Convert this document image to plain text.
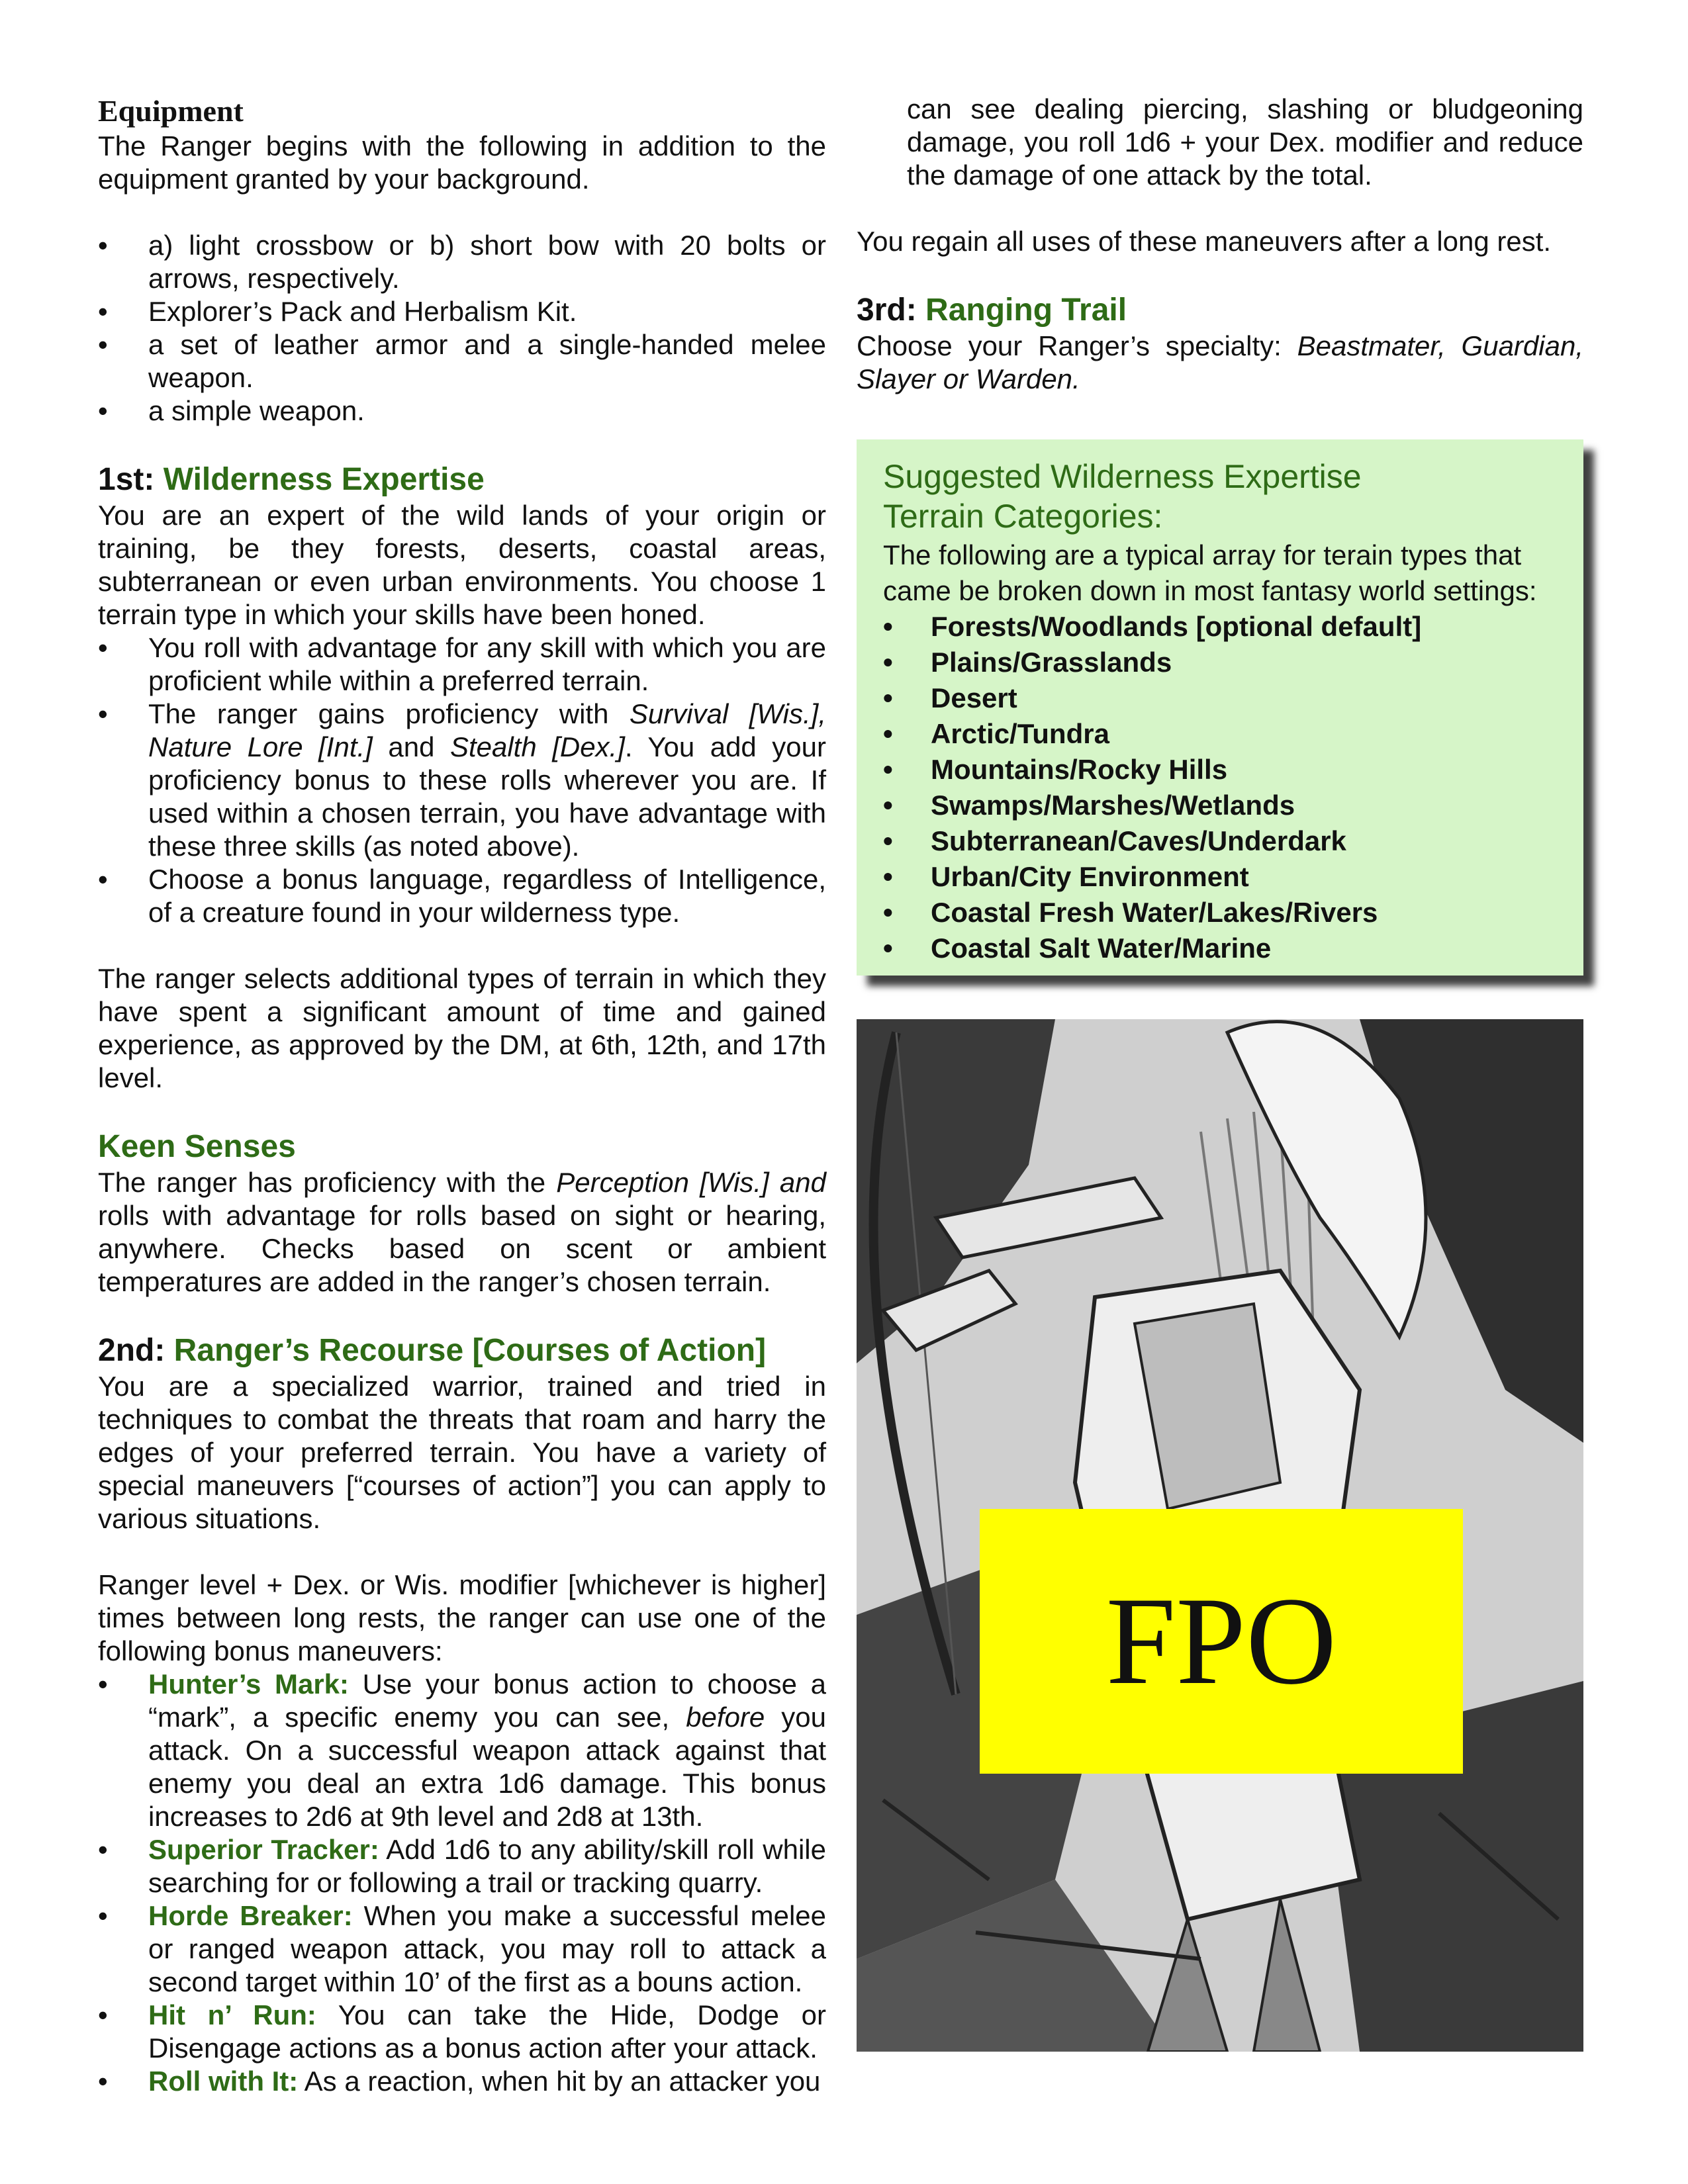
Equipment

The Ranger begins with the following in addition to the equipment granted by your background.

• a) light crossbow or b) short bow with 20 bolts or arrows, respectively.
• Explorer’s Pack and Herbalism Kit.
• a set of leather armor and a single-handed melee weapon.
• a simple weapon.
1st: Wilderness Expertise

You are an expert of the wild lands of your origin or training, be they forests, deserts, coastal areas, subterranean or even urban environments. You choose 1 terrain type in which your skills have been honed.

• You roll with advantage for any skill with which you are proficient while within a preferred terrain.
• The ranger gains proficiency with Survival [Wis.], Nature Lore [Int.] and Stealth [Dex.]. You add your proficiency bonus to these rolls wherever you are. If used within a chosen terrain, you have advantage with these three skills (as noted above).
• Choose a bonus language, regardless of Intelligence, of a creature found in your wilderness type.

The ranger selects additional types of terrain in which they have spent a significant amount of time and gained experience, as approved by the DM, at 6th, 12th, and 17th level.

Keen Senses

The ranger has proficiency with the Perception [Wis.] and rolls with advantage for rolls based on sight or hearing, anywhere. Checks based on scent or ambient temperatures are added in the ranger’s chosen terrain.

2nd: Ranger’s Recourse [Courses of Action]

You are a specialized warrior, trained and tried in techniques to combat the threats that roam and harry the edges of your preferred terrain. You have a variety of special maneuvers [“courses of action”] you can apply to various situations.

Ranger level + Dex. or Wis. modifier [whichever is higher] times between long rests, the ranger can use one of the following bonus maneuvers:

• Hunter’s Mark: Use your bonus action to choose a “mark”, a specific enemy you can see, before you attack. On a successful weapon attack against that enemy you deal an extra 1d6 damage. This bonus increases to 2d6 at 9th level and 2d8 at 13th.
• Superior Tracker: Add 1d6 to any ability/skill roll while searching for or following a trail or tracking quarry.
• Horde Breaker: When you make a successful melee or ranged weapon attack, you may roll to attack a second target within 10’ of the first as a bouns action.
• Hit n’ Run: You can take the Hide, Dodge or Disengage actions as a bonus action after your attack.
• Roll with It: As a reaction, when hit by an attacker you

can see dealing piercing, slashing or bludgeoning damage, you roll 1d6 + your Dex. modifier and reduce the damage of one attack by the total.

You regain all uses of these maneuvers after a long rest.

3rd: Ranging Trail

Choose your Ranger’s specialty: Beastmater, Guardian, Slayer or Warden.

Suggested Wilderness Expertise
Terrain Categories:

The following are a typical array for terain types that came be broken down in most fantasy world settings:

• Forests/Woodlands [optional default]
• Plains/Grasslands
• Desert
• Arctic/Tundra
• Mountains/Rocky Hills
• Swamps/Marshes/Wetlands
• Subterranean/Caves/Underdark
• Urban/City Environment
• Coastal Fresh Water/Lakes/Rivers
• Coastal Salt Water/Marine
FPO
